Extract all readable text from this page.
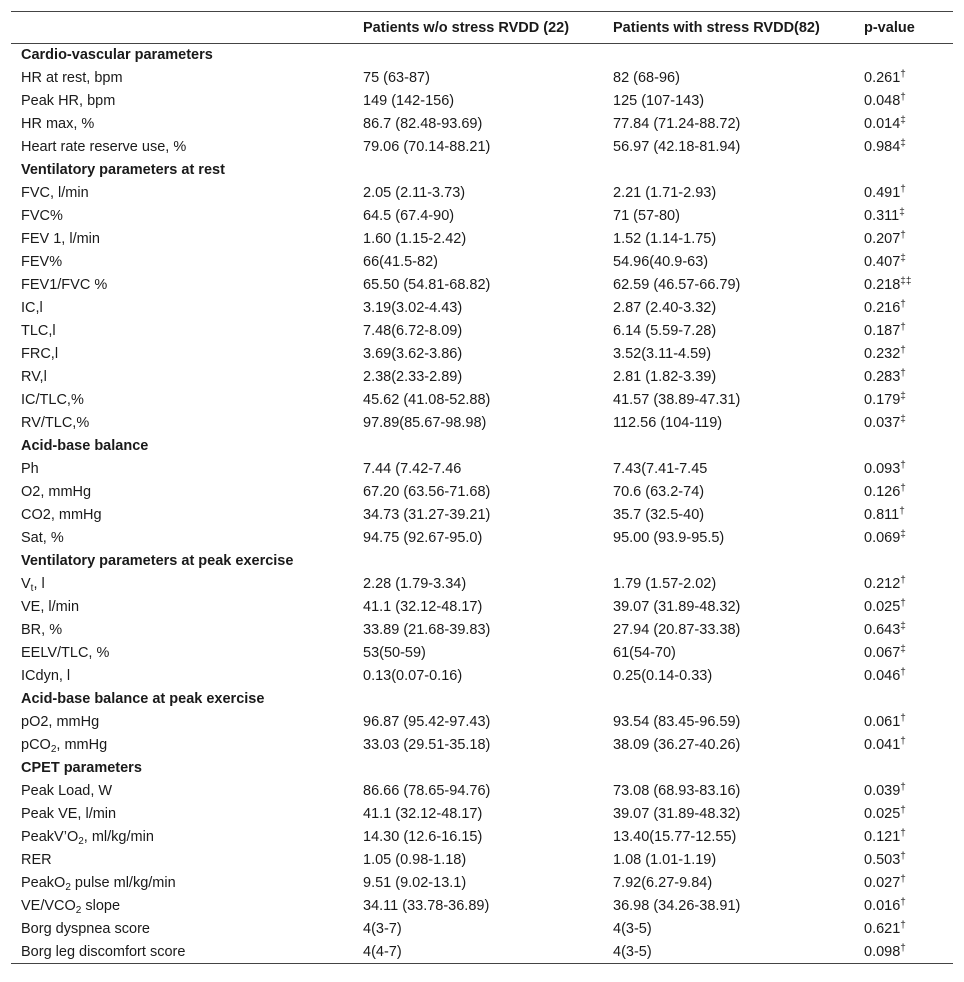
	Patients w/o stress RVDD (22)	Patients with stress RVDD(82)	p-value
Cardio-vascular parameters			
HR at rest, bpm	75 (63-87)	82 (68-96)	0.261†
Peak HR, bpm	149 (142-156)	125 (107-143)	0.048†
HR max, %	86.7 (82.48-93.69)	77.84 (71.24-88.72)	0.014‡
Heart rate reserve use, %	79.06 (70.14-88.21)	56.97 (42.18-81.94)	0.984‡
Ventilatory parameters at rest			
FVC, l/min	2.05 (2.11-3.73)	2.21 (1.71-2.93)	0.491†
FVC%	64.5 (67.4-90)	71 (57-80)	0.311‡
FEV 1, l/min	1.60 (1.15-2.42)	1.52 (1.14-1.75)	0.207†
FEV%	66(41.5-82)	54.96(40.9-63)	0.407‡
FEV1/FVC %	65.50 (54.81-68.82)	62.59 (46.57-66.79)	0.218‡‡
IC,l	3.19(3.02-4.43)	2.87 (2.40-3.32)	0.216†
TLC,l	7.48(6.72-8.09)	6.14 (5.59-7.28)	0.187†
FRC,l	3.69(3.62-3.86)	3.52(3.11-4.59)	0.232†
RV,l	2.38(2.33-2.89)	2.81 (1.82-3.39)	0.283†
IC/TLC,%	45.62 (41.08-52.88)	41.57 (38.89-47.31)	0.179‡
RV/TLC,%	97.89(85.67-98.98)	112.56 (104-119)	0.037‡
Acid-base balance			
Ph	7.44 (7.42-7.46	7.43(7.41-7.45	0.093†
O2, mmHg	67.20 (63.56-71.68)	70.6 (63.2-74)	0.126†
CO2, mmHg	34.73 (31.27-39.21)	35.7 (32.5-40)	0.811†
Sat, %	94.75 (92.67-95.0)	95.00 (93.9-95.5)	0.069‡
Ventilatory parameters at peak exercise			
$V_t$, l	2.28 (1.79-3.34)	1.79 (1.57-2.02)	0.212†
VE, l/min	41.1 (32.12-48.17)	39.07 (31.89-48.32)	0.025†
BR, %	33.89 (21.68-39.83)	27.94 (20.87-33.38)	0.643‡
EELV/TLC, %	53(50-59)	61(54-70)	0.067‡
ICdyn, l	0.13(0.07-0.16)	0.25(0.14-0.33)	0.046†
Acid-base balance at peak exercise			
pO2, mmHg	96.87 (95.42-97.43)	93.54 (83.45-96.59)	0.061†
pCO$_2$, mmHg	33.03 (29.51-35.18)	38.09 (36.27-40.26)	0.041†
CPET parameters			
Peak Load, W	86.66 (78.65-94.76)	73.08 (68.93-83.16)	0.039†
Peak VE, l/min	41.1 (32.12-48.17)	39.07 (31.89-48.32)	0.025†
$PeakV’O_2$, ml/kg/min	14.30 (12.6-16.15)	13.40(15.77-12.55)	0.121†
RER	1.05 (0.98-1.18)	1.08 (1.01-1.19)	0.503†
PeakO$_2$ pulse ml/kg/min	9.51 (9.02-13.1)	7.92(6.27-9.84)	0.027†
$VE/VCO_2$ slope	34.11 (33.78-36.89)	36.98 (34.26-38.91)	0.016†
Borg dyspnea score	4(3-7)	4(3-5)	0.621†
Borg leg discomfort score	4(4-7)	4(3-5)	0.098†
